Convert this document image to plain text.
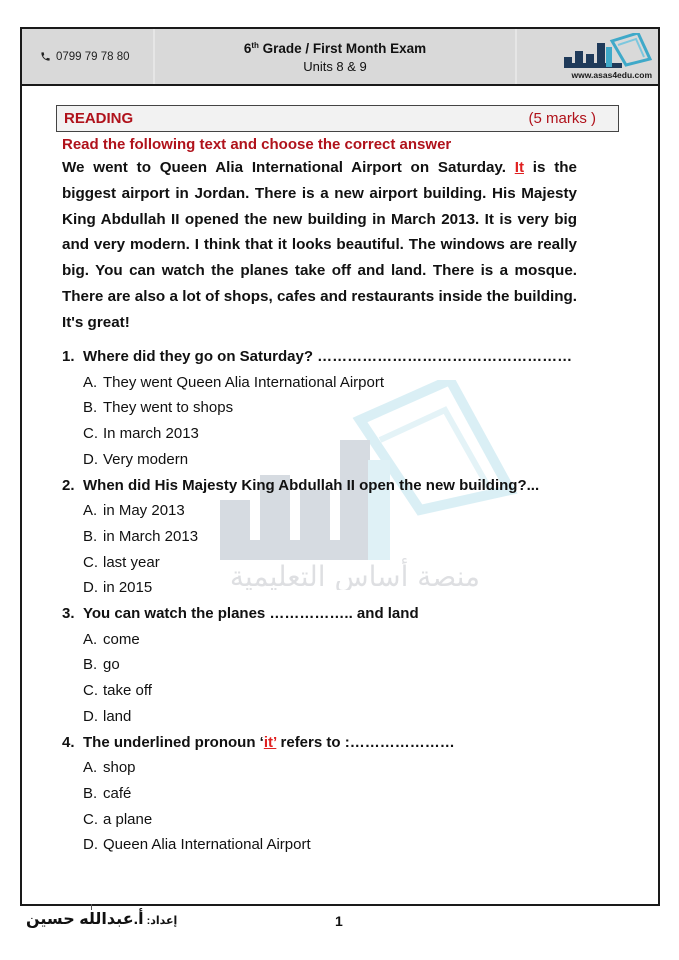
منصة أساس التعليمية
0799 79 78 80
6th Grade / First Month Exam
Units 8 & 9
www.asas4edu.com
READING	(5 marks )
Read the following text and choose the correct answer
We went to Queen Alia International Airport on Saturday. It is the biggest airport in Jordan. There is a new airport building. His Majesty King Abdullah II opened the new building in March 2013. It is very big and very modern. I think that it looks beautiful. The windows are really big. You can watch the planes take off and land. There is a mosque. There are also a lot of shops, cafes and restaurants inside the building. It's great!
1. Where did they go on Saturday? ……………………………………………
A. They went Queen Alia International Airport
B. They went to shops
C. In march 2013
D. Very modern
2. When did His Majesty King Abdullah II open the new building?...
A. in May 2013
B. in March 2013
C. last year
D. in 2015
3. You can watch the planes …………….. and land
A. come
B. go
C. take off
D. land
4. The underlined pronoun ‘it’ refers to :…………………
A. shop
B. café
C. a plane
D. Queen Alia International Airport
إعداد: أ.عبدالله حسين	1
